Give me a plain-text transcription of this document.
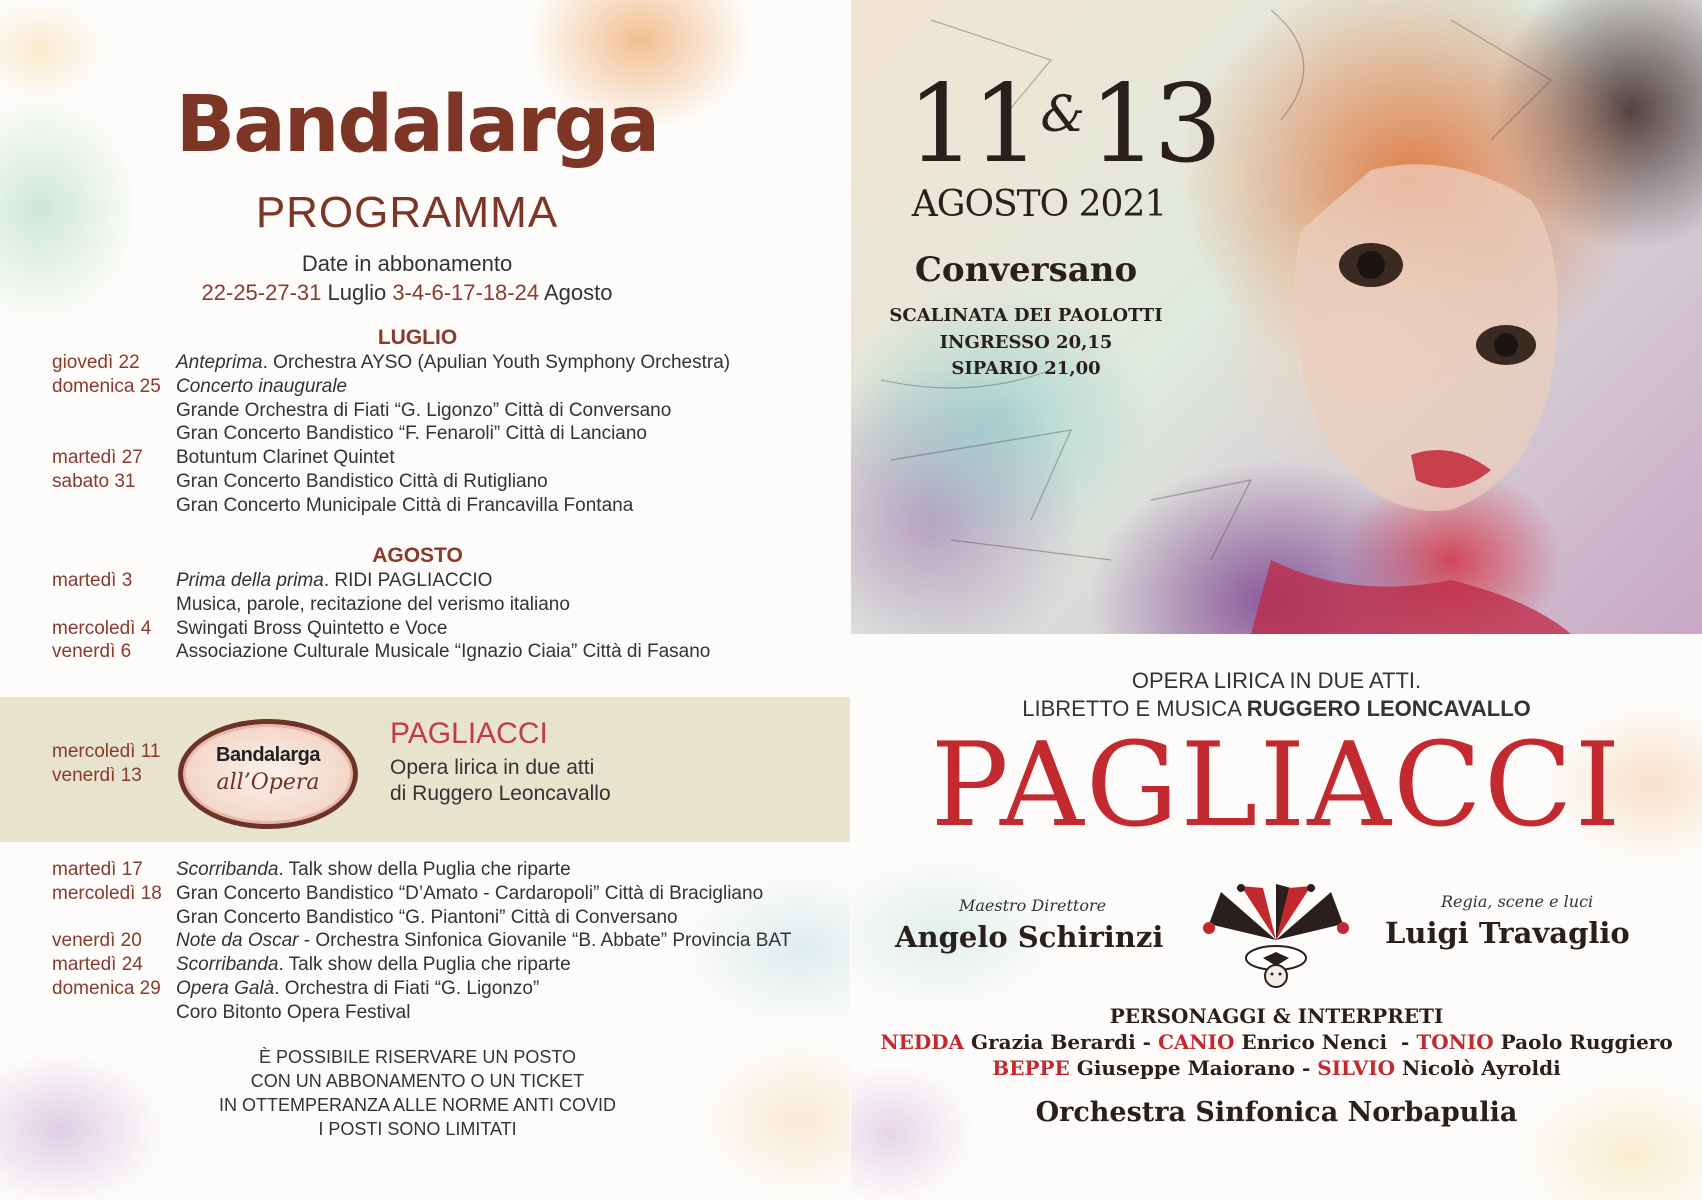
Bandalarga
PROGRAMMA
Date in abbonamento
22-25-27-31 Luglio 3-4-6-17-18-24 Agosto
LUGLIO
giovedì 22 Anteprima. Orchestra AYSO (Apulian Youth Symphony Orchestra)
domenica 25 Concerto inaugurale
Grande Orchestra di Fiati “G. Ligonzo” Città di Conversano
Gran Concerto Bandistico “F. Fenaroli” Città di Lanciano
martedì 27 Botuntum Clarinet Quintet
sabato 31 Gran Concerto Bandistico Città di Rutigliano
Gran Concerto Municipale Città di Francavilla Fontana
AGOSTO
martedì 3 Prima della prima. RIDI PAGLIACCIO
Musica, parole, recitazione del verismo italiano
mercoledì 4 Swingati Bross Quintetto e Voce
venerdì 6 Associazione Culturale Musicale “Ignazio Ciaia” Città di Fasano
mercoledì 11
venerdì 13
Bandalarga
all’Opera
PAGLIACCI
Opera lirica in due atti
di Ruggero Leoncavallo
martedì 17 Scorribanda. Talk show della Puglia che riparte
mercoledì 18 Gran Concerto Bandistico “D’Amato - Cardaropoli” Città di Bracigliano
Gran Concerto Bandistico “G. Piantoni” Città di Conversano
venerdì 20 Note da Oscar - Orchestra Sinfonica Giovanile “B. Abbate” Provincia BAT
martedì 24 Scorribanda. Talk show della Puglia che riparte
domenica 29 Opera Galà. Orchestra di Fiati “G. Ligonzo”
Coro Bitonto Opera Festival
È POSSIBILE RISERVARE UN POSTO
CON UN ABBONAMENTO O UN TICKET
IN OTTEMPERANZA ALLE NORME ANTI COVID
I POSTI SONO LIMITATI
11&13
AGOSTO 2021
Conversano
SCALINATA DEI PAOLOTTI
INGRESSO 20,15
SIPARIO 21,00
OPERA LIRICA IN DUE ATTI.
LIBRETTO E MUSICA RUGGERO LEONCAVALLO
PAGLIACCI
Maestro Direttore
Angelo Schirinzi
Regia, scene e luci
Luigi Travaglio
PERSONAGGI & INTERPRETI
NEDDA Grazia Berardi - CANIO Enrico Nenci  - TONIO Paolo Ruggiero
BEPPE Giuseppe Maiorano - SILVIO Nicolò Ayroldi
Orchestra Sinfonica Norbapulia
